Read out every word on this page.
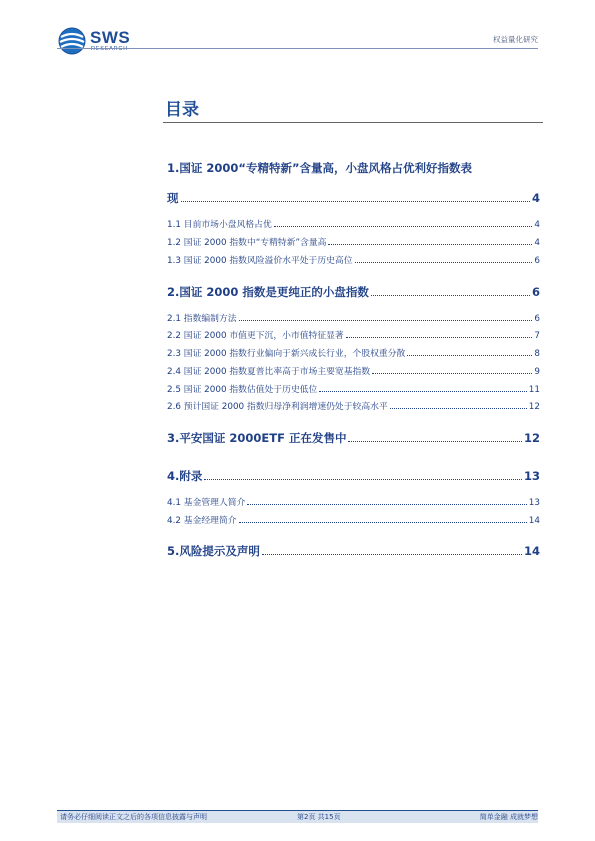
SWS
RESEARCH
权益量化研究
目录
1.国证 2000“专精特新”含量高，小盘风格占优利好指数表
现	4
1.1 目前市场小盘风格占优	4
1.2 国证 2000 指数中“专精特新”含量高	4
1.3 国证 2000 指数风险溢价水平处于历史高位	6
2.国证 2000 指数是更纯正的小盘指数	6
2.1 指数编制方法	6
2.2 国证 2000 市值更下沉，小市值特征显著	7
2.3 国证 2000 指数行业偏向于新兴成长行业，个股权重分散	8
2.4 国证 2000 指数夏普比率高于市场主要宽基指数	9
2.5 国证 2000 指数估值处于历史低位	11
2.6 预计国证 2000 指数归母净利润增速仍处于较高水平	12
3.平安国证 2000ETF 正在发售中	12
4.附录	13
4.1 基金管理人简介	13
4.2 基金经理简介	14
5.风险提示及声明	14
请务必仔细阅读正文之后的各项信息披露与声明	第2页 共15页	简单金融 成就梦想
